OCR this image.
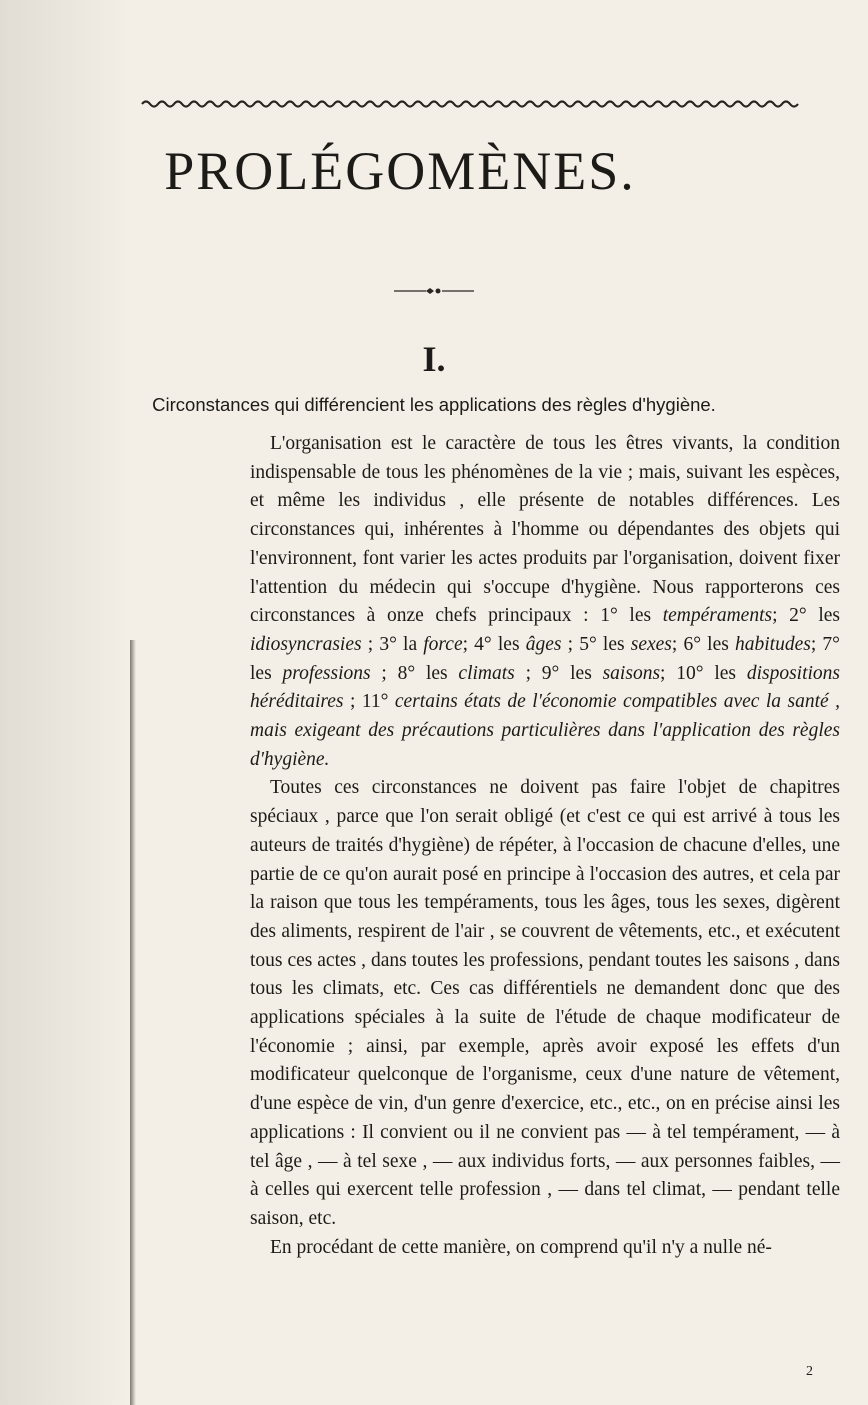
PROLÉGOMÈNES.
I.
Circonstances qui différencient les applications des règles d'hygiène.

L'organisation est le caractère de tous les êtres vivants, la condition indispensable de tous les phénomènes de la vie ; mais, suivant les espèces, et même les individus , elle présente de notables différences. Les circonstances qui, inhérentes à l'homme ou dépendantes des objets qui l'environnent, font varier les actes produits par l'organisation, doivent fixer l'attention du médecin qui s'occupe d'hygiène. Nous rapporterons ces circonstances à onze chefs principaux : 1° les tempéraments; 2° les idiosyncrasies ; 3° la force; 4° les âges ; 5° les sexes; 6° les habitudes; 7° les professions ; 8° les climats ; 9° les saisons; 10° les dispositions héréditaires ; 11° certains états de l'économie compatibles avec la santé , mais exigeant des précautions particulières dans l'application des règles d'hygiène.

Toutes ces circonstances ne doivent pas faire l'objet de chapitres spéciaux , parce que l'on serait obligé (et c'est ce qui est arrivé à tous les auteurs de traités d'hygiène) de répéter, à l'occasion de chacune d'elles, une partie de ce qu'on aurait posé en principe à l'occasion des autres, et cela par la raison que tous les tempéraments, tous les âges, tous les sexes, digèrent des aliments, respirent de l'air , se couvrent de vêtements, etc., et exécutent tous ces actes , dans toutes les professions, pendant toutes les saisons , dans tous les climats, etc. Ces cas différentiels ne demandent donc que des applications spéciales à la suite de l'étude de chaque modificateur de l'économie ; ainsi, par exemple, après avoir exposé les effets d'un modificateur quelconque de l'organisme, ceux d'une nature de vêtement, d'une espèce de vin, d'un genre d'exercice, etc., etc., on en précise ainsi les applications : Il convient ou il ne convient pas — à tel tempérament, — à tel âge , — à tel sexe , — aux individus forts, — aux personnes faibles, — à celles qui exercent telle profession , — dans tel climat, — pendant telle saison, etc.

En procédant de cette manière, on comprend qu'il n'y a nulle né-

2
